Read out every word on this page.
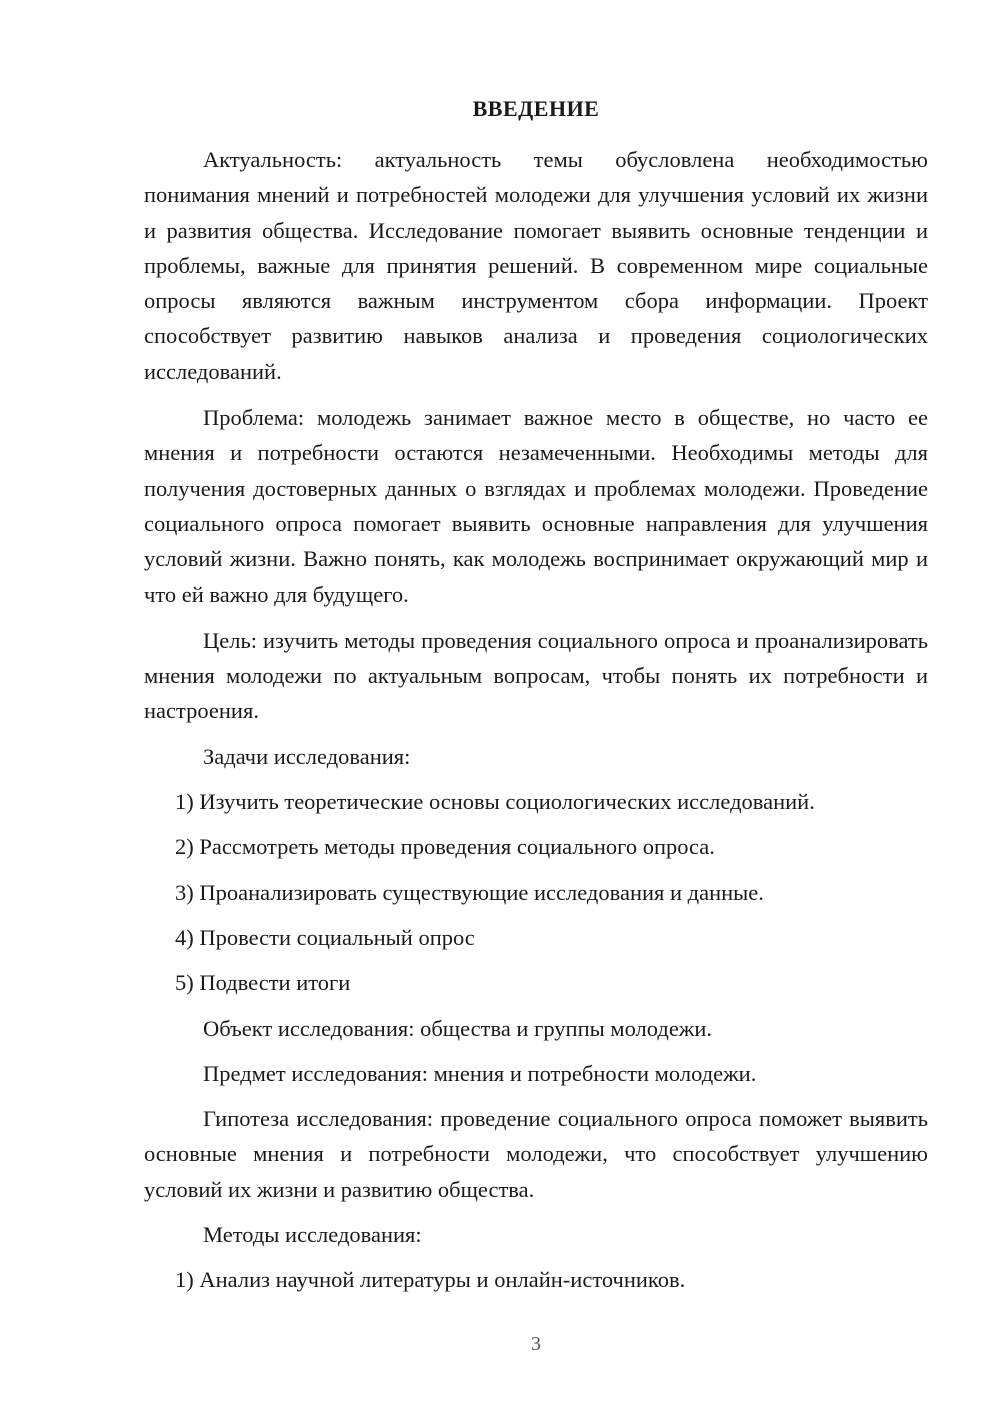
ВВЕДЕНИЕ

Актуальность: актуальность темы обусловлена необходимостью понимания мнений и потребностей молодежи для улучшения условий их жизни и развития общества. Исследование помогает выявить основные тенденции и проблемы, важные для принятия решений. В современном мире социальные опросы являются важным инструментом сбора информации. Проект способствует развитию навыков анализа и проведения социологических исследований.

Проблема: молодежь занимает важное место в обществе, но часто ее мнения и потребности остаются незамеченными. Необходимы методы для получения достоверных данных о взглядах и проблемах молодежи. Проведение социального опроса помогает выявить основные направления для улучшения условий жизни. Важно понять, как молодежь воспринимает окружающий мир и что ей важно для будущего.

Цель: изучить методы проведения социального опроса и проанализировать мнения молодежи по актуальным вопросам, чтобы понять их потребности и настроения.

Задачи исследования:

1) Изучить теоретические основы социологических исследований.

2) Рассмотреть методы проведения социального опроса.

3) Проанализировать существующие исследования и данные.

4) Провести социальный опрос

5) Подвести итоги

Объект исследования: общества и группы молодежи.

Предмет исследования: мнения и потребности молодежи.

Гипотеза исследования: проведение социального опроса поможет выявить основные мнения и потребности молодежи, что способствует улучшению условий их жизни и развитию общества.

Методы исследования:

1) Анализ научной литературы и онлайн-источников.

3
